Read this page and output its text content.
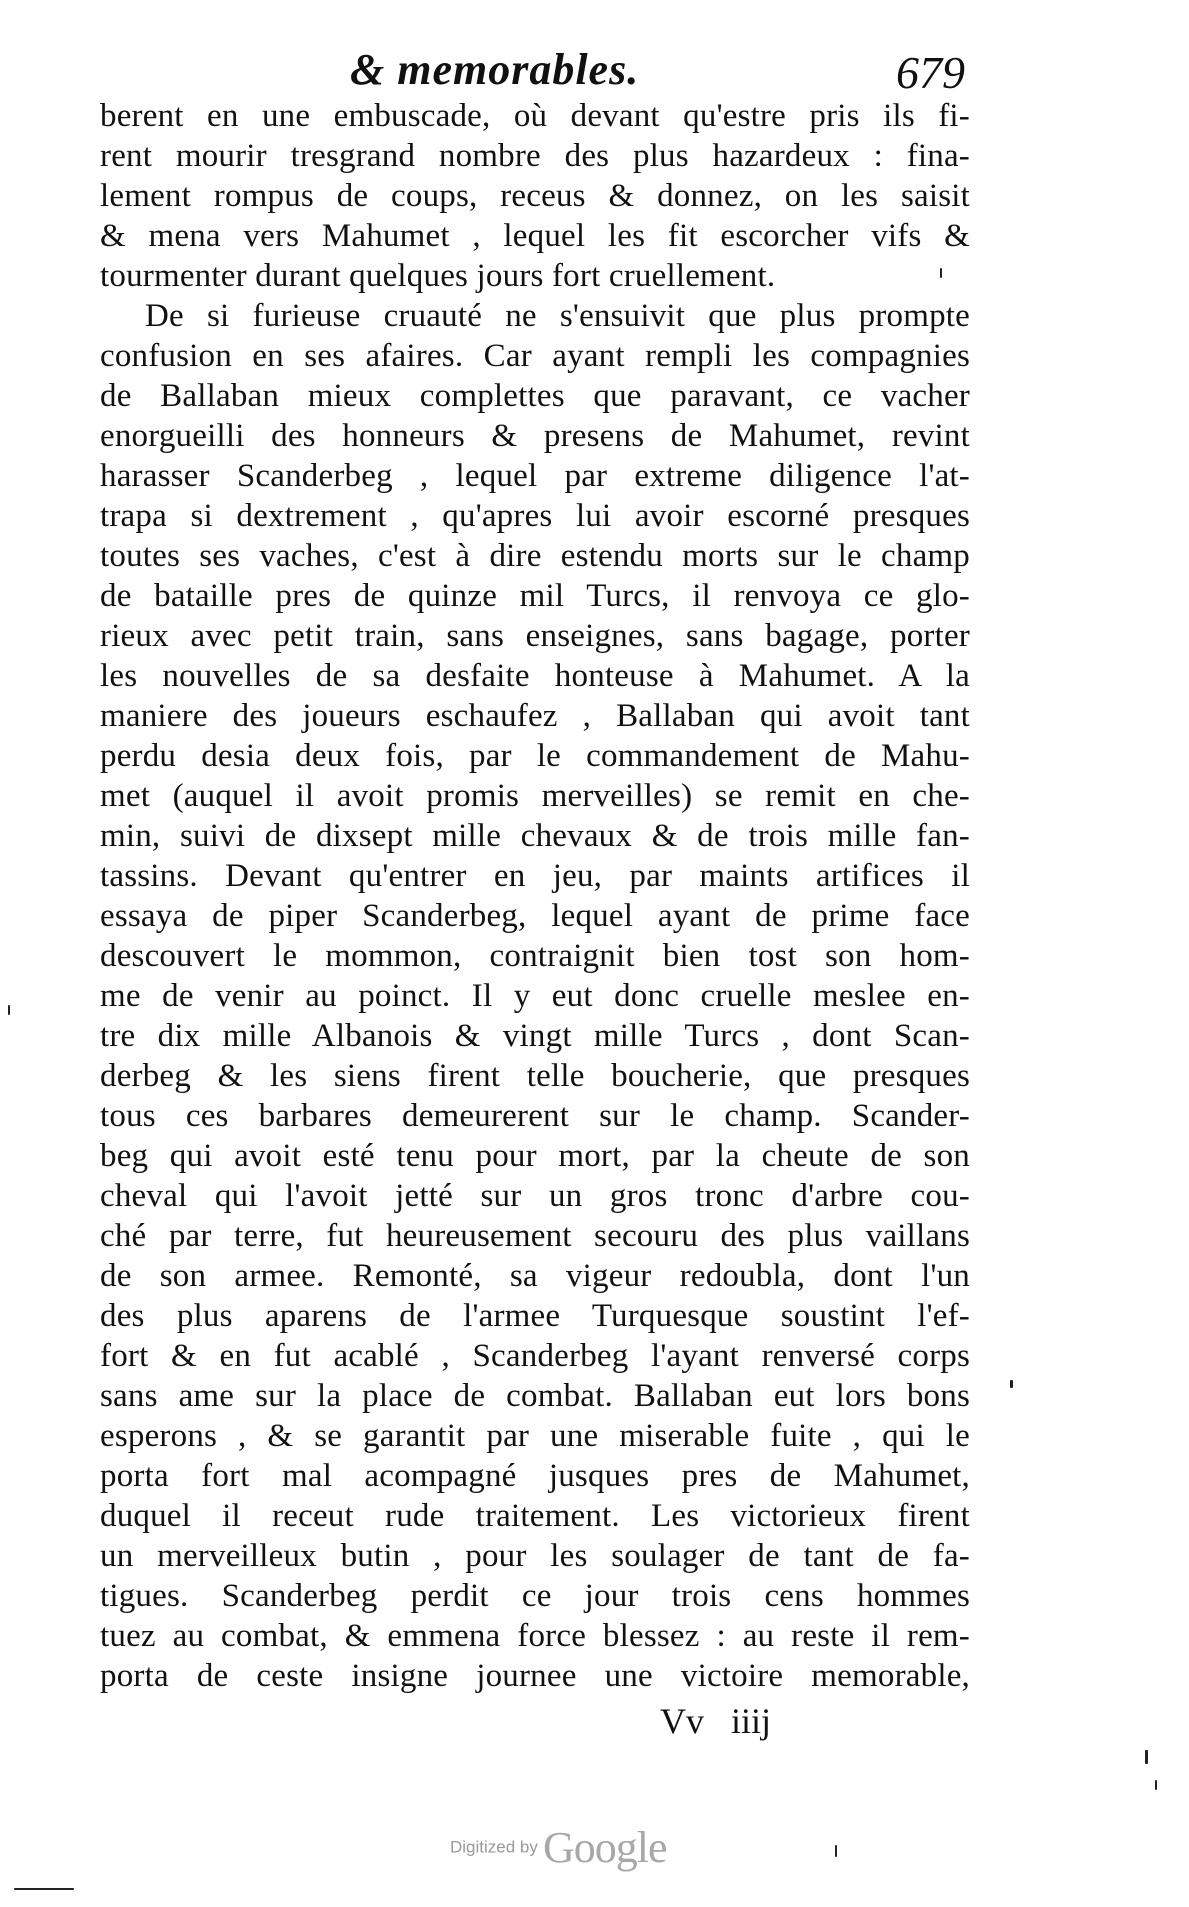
& memorables.	679
berent en une embuscade, où devant qu'estre pris ils fi-
rent mourir tresgrand nombre des plus hazardeux : fina-
lement rompus de coups, receus & donnez, on les saisit
& mena vers Mahumet , lequel les fit escorcher vifs &
tourmenter durant quelques jours fort cruellement.
De si furieuse cruauté ne s'ensuivit que plus prompte
confusion en ses afaires. Car ayant rempli les compagnies
de Ballaban mieux complettes que paravant, ce vacher
enorgueilli des honneurs & presens de Mahumet, revint
harasser Scanderbeg , lequel par extreme diligence l'at-
trapa si dextrement , qu'apres lui avoir escorné presques
toutes ses vaches, c'est à dire estendu morts sur le champ
de bataille pres de quinze mil Turcs, il renvoya ce glo-
rieux avec petit train, sans enseignes, sans bagage, porter
les nouvelles de sa desfaite honteuse à Mahumet. A la
maniere des joueurs eschaufez , Ballaban qui avoit tant
perdu desia deux fois, par le commandement de Mahu-
met (auquel il avoit promis merveilles) se remit en che-
min, suivi de dixsept mille chevaux & de trois mille fan-
tassins. Devant qu'entrer en jeu, par maints artifices il
essaya de piper Scanderbeg, lequel ayant de prime face
descouvert le mommon, contraignit bien tost son hom-
me de venir au poinct. Il y eut donc cruelle meslee en-
tre dix mille Albanois & vingt mille Turcs , dont Scan-
derbeg & les siens firent telle boucherie, que presques
tous ces barbares demeurerent sur le champ. Scander-
beg qui avoit esté tenu pour mort, par la cheute de son
cheval qui l'avoit jetté sur un gros tronc d'arbre cou-
ché par terre, fut heureusement secouru des plus vaillans
de son armee. Remonté, sa vigeur redoubla, dont l'un
des plus aparens de l'armee Turquesque soustint l'ef-
fort & en fut acablé , Scanderbeg l'ayant renversé corps
sans ame sur la place de combat. Ballaban eut lors bons
esperons , & se garantit par une miserable fuite , qui le
porta fort mal acompagné jusques pres de Mahumet,
duquel il receut rude traitement. Les victorieux firent
un merveilleux butin , pour les soulager de tant de fa-
tigues. Scanderbeg perdit ce jour trois cens hommes
tuez au combat, & emmena force blessez : au reste il rem-
porta de ceste insigne journee une victoire memorable,
Vv iiij
Digitized by Google
